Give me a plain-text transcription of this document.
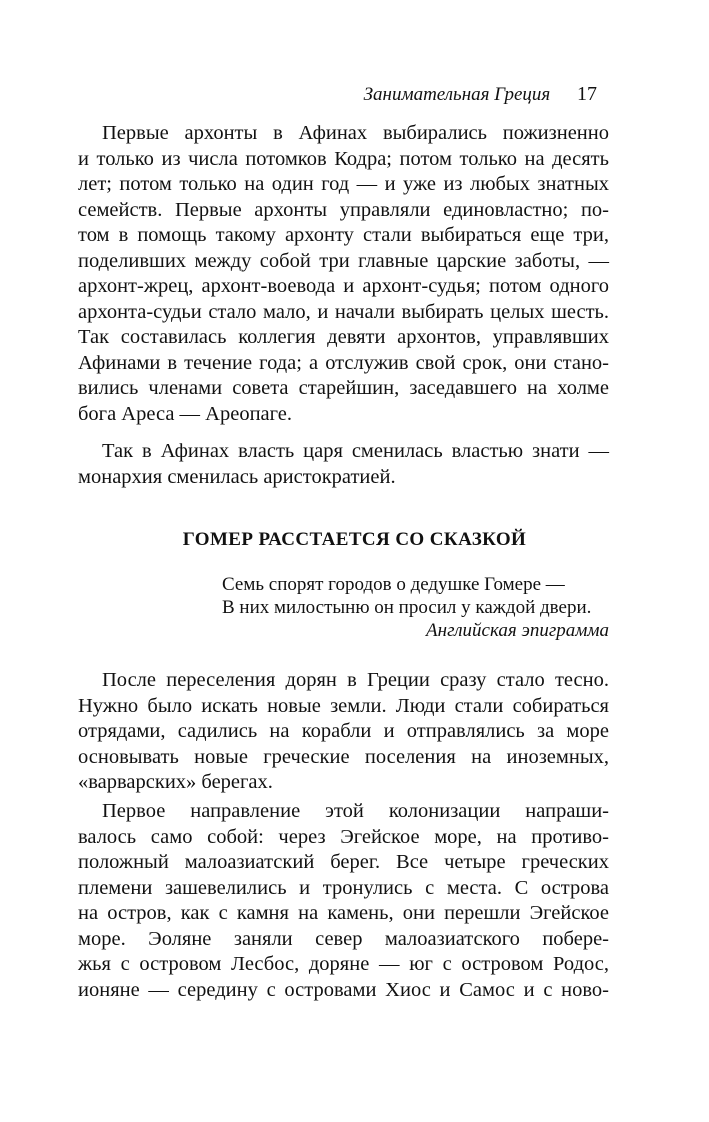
Занимательная Греция 17
Первые архонты в Афинах выбирались пожизненно
и только из числа потомков Кодра; потом только на десять
лет; потом только на один год — и уже из любых знатных
семейств. Первые архонты управляли единовластно; по-
том в помощь такому архонту стали выбираться еще три,
поделивших между собой три главные царские заботы, —
архонт-жрец, архонт-воевода и архонт-судья; потом одного
архонта-судьи стало мало, и начали выбирать целых шесть.
Так составилась коллегия девяти архонтов, управлявших
Афинами в течение года; а отслужив свой срок, они стано-
вились членами совета старейшин, заседавшего на холме
бога Ареса — Ареопаге.
Так в Афинах власть царя сменилась властью знати —
монархия сменилась аристократией.
ГОМЕР РАССТАЕТСЯ СО СКАЗКОЙ
Семь спорят городов о дедушке Гомере —
В них милостыню он просил у каждой двери.
Английская эпиграмма
После переселения дорян в Греции сразу стало тесно.
Нужно было искать новые земли. Люди стали собираться
отрядами, садились на корабли и отправлялись за море
основывать новые греческие поселения на иноземных,
«варварских» берегах.
Первое направление этой колонизации напраши-
валось само собой: через Эгейское море, на противо-
положный малоазиатский берег. Все четыре греческих
племени зашевелились и тронулись с места. С острова
на остров, как с камня на камень, они перешли Эгейское
море. Эоляне заняли север малоазиатского побере-
жья с островом Лесбос, доряне — юг с островом Родос,
ионяне — середину с островами Хиос и Самос и с ново-
